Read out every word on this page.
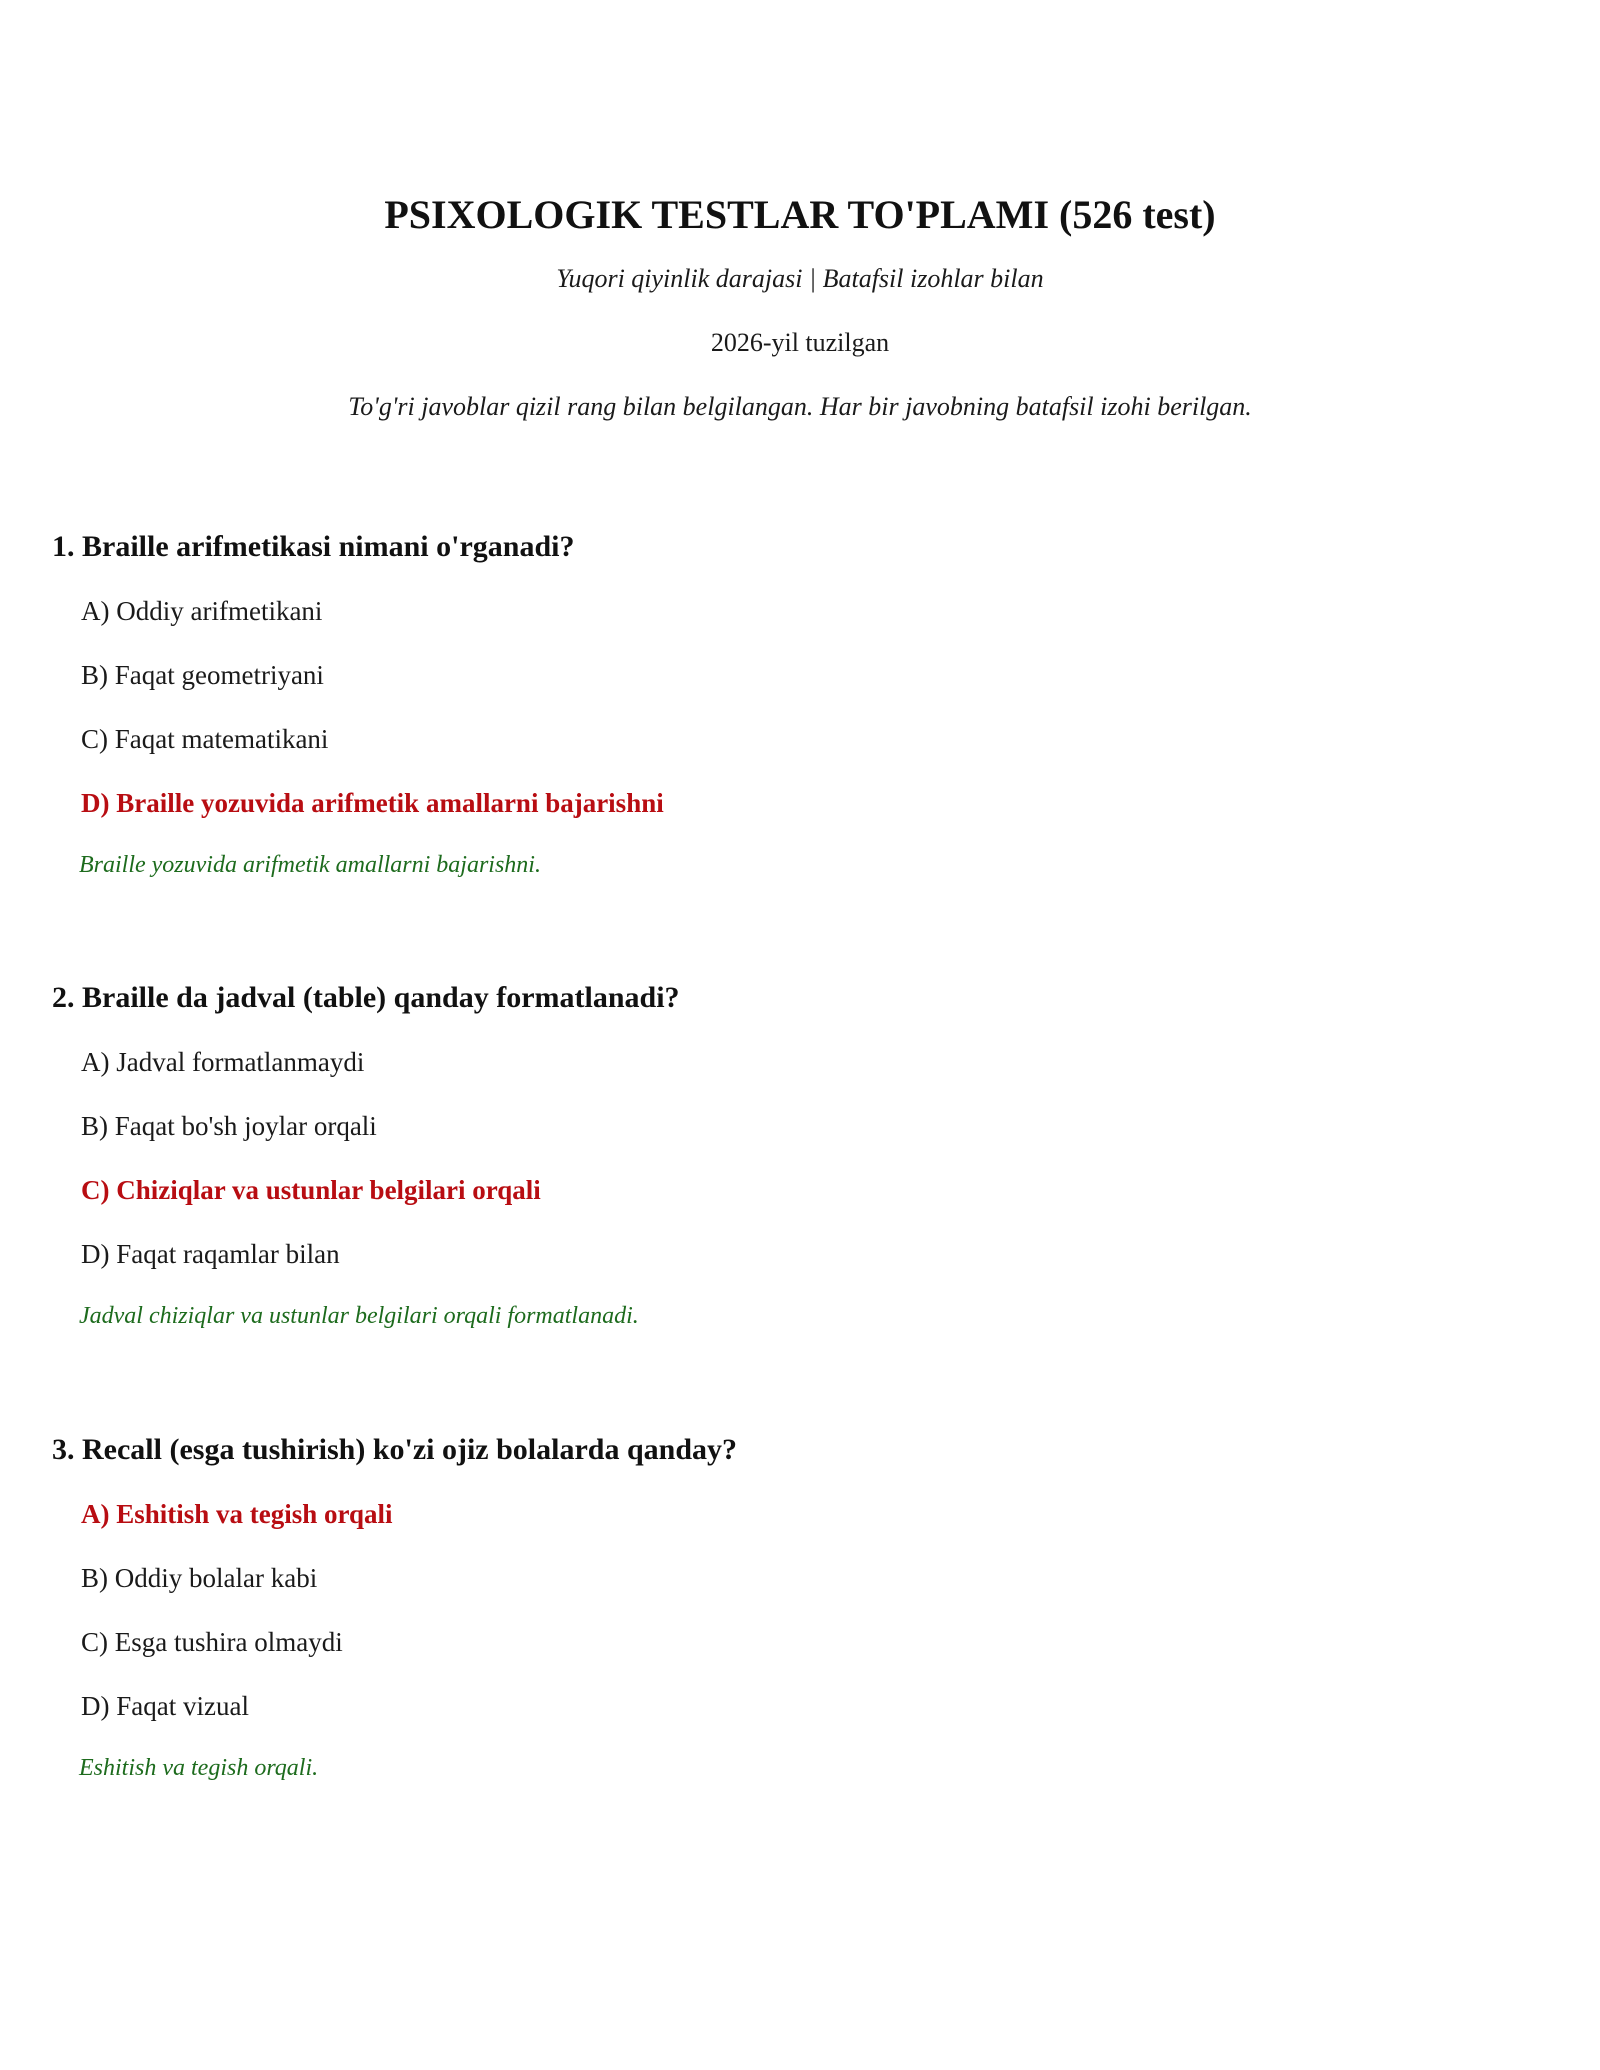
PSIXOLOGIK TESTLAR TO'PLAMI (526 test)

Yuqori qiyinlik darajasi | Batafsil izohlar bilan

2026-yil tuzilgan

To'g'ri javoblar qizil rang bilan belgilangan. Har bir javobning batafsil izohi berilgan.

1. Braille arifmetikasi nimani o'rganadi?

A) Oddiy arifmetikani

B) Faqat geometriyani

C) Faqat matematikani

D) Braille yozuvida arifmetik amallarni bajarishni

Braille yozuvida arifmetik amallarni bajarishni.

2. Braille da jadval (table) qanday formatlanadi?

A) Jadval formatlanmaydi

B) Faqat bo'sh joylar orqali

C) Chiziqlar va ustunlar belgilari orqali

D) Faqat raqamlar bilan

Jadval chiziqlar va ustunlar belgilari orqali formatlanadi.

3. Recall (esga tushirish) ko'zi ojiz bolalarda qanday?

A) Eshitish va tegish orqali

B) Oddiy bolalar kabi

C) Esga tushira olmaydi

D) Faqat vizual

Eshitish va tegish orqali.
